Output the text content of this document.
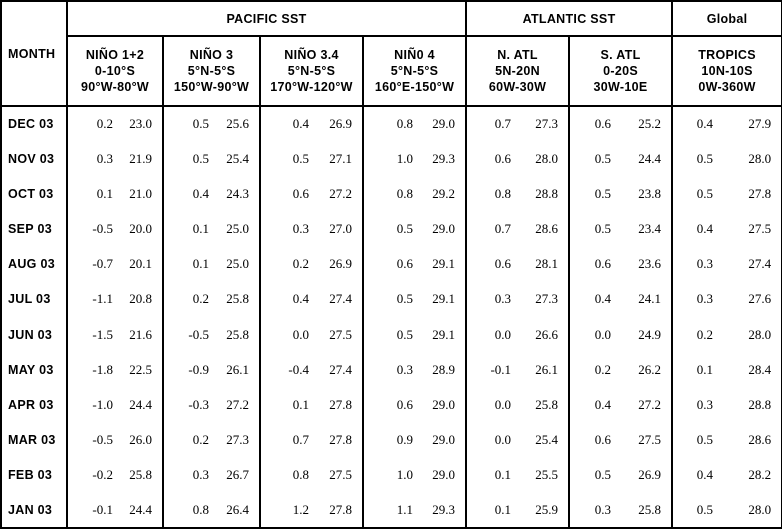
MONTH	PACIFIC SST								ATLANTIC SST				Global	
	NIÑO 1+2
0-10°S
90°W-80°W		NIÑO 3
5°N-5°S
150°W-90°W		NIÑO 3.4
5°N-5°S
170°W-120°W		NIÑ0 4
5°N-5°S
160°E-150°W		N. ATL
5N-20N
60W-30W		S. ATL
0-20S
30W-10E		TROPICS
10N-10S
0W-360W	
DEC 03	0.2	23.0	0.5	25.6	0.4	26.9	0.8	29.0	0.7	27.3	0.6	25.2	0.4	27.9
NOV 03	0.3	21.9	0.5	25.4	0.5	27.1	1.0	29.3	0.6	28.0	0.5	24.4	0.5	28.0
OCT 03	0.1	21.0	0.4	24.3	0.6	27.2	0.8	29.2	0.8	28.8	0.5	23.8	0.5	27.8
SEP 03	-0.5	20.0	0.1	25.0	0.3	27.0	0.5	29.0	0.7	28.6	0.5	23.4	0.4	27.5
AUG 03	-0.7	20.1	0.1	25.0	0.2	26.9	0.6	29.1	0.6	28.1	0.6	23.6	0.3	27.4
JUL 03	-1.1	20.8	0.2	25.8	0.4	27.4	0.5	29.1	0.3	27.3	0.4	24.1	0.3	27.6
JUN 03	-1.5	21.6	-0.5	25.8	0.0	27.5	0.5	29.1	0.0	26.6	0.0	24.9	0.2	28.0
MAY 03	-1.8	22.5	-0.9	26.1	-0.4	27.4	0.3	28.9	-0.1	26.1	0.2	26.2	0.1	28.4
APR 03	-1.0	24.4	-0.3	27.2	0.1	27.8	0.6	29.0	0.0	25.8	0.4	27.2	0.3	28.8
MAR 03	-0.5	26.0	0.2	27.3	0.7	27.8	0.9	29.0	0.0	25.4	0.6	27.5	0.5	28.6
FEB 03	-0.2	25.8	0.3	26.7	0.8	27.5	1.0	29.0	0.1	25.5	0.5	26.9	0.4	28.2
JAN 03	-0.1	24.4	0.8	26.4	1.2	27.8	1.1	29.3	0.1	25.9	0.3	25.8	0.5	28.0
